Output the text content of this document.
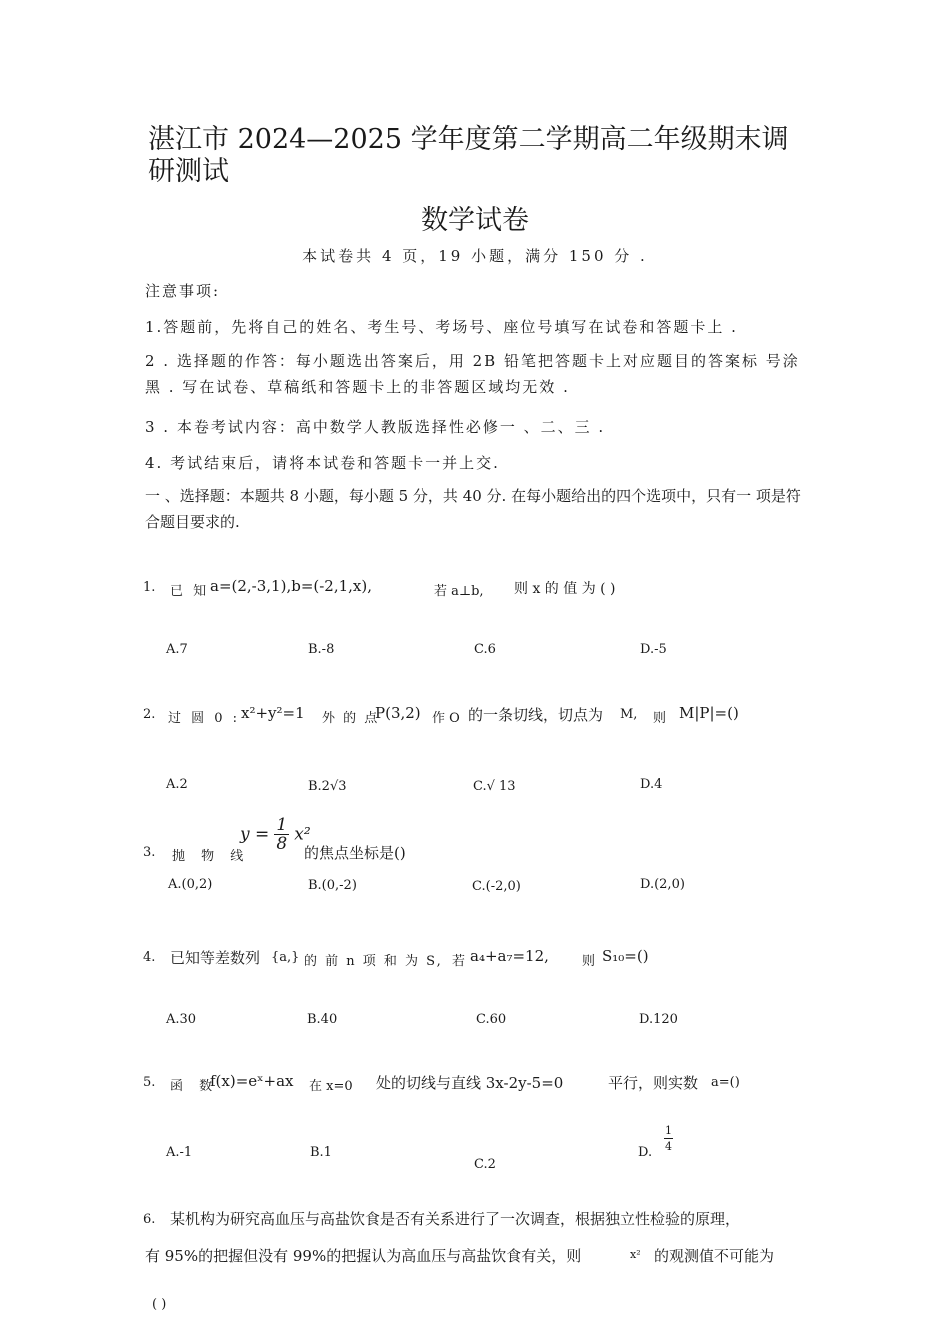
湛江市 2024—2025 学年度第二学期高二年级期末调研测试
数学试卷
本试卷共 4 页，19 小题，满分 150 分 .
注意事项:
1.答题前，先将自己的姓名、考生号、考场号、座位号填写在试卷和答题卡上 .
2 . 选择题的作答：每小题选出答案后，用 2B 铅笔把答题卡上对应题目的答案标 号涂黑 . 写在试卷、草稿纸和答题卡上的非答题区域均无效 .
3 . 本卷考试内容：高中数学人教版选择性必修一 、二、三 .
4. 考试结束后，请将本试卷和答题卡一并上交.
一 、选择题：本题共 8 小题，每小题 5 分，共 40 分. 在每小题给出的四个选项中，只有一 项是符合题目要求的.
1. 已 知 a=(2,-3,1),b=(-2,1,x),	若 a⊥b, 则 x 的 值 为 ( )
A.7	B.-8	C.6	D.-5
2. 过 圆 0 : x²+y²=1 外 的 点
P(3,2) 作 O 的一条切线，切点为 M, 则 M|P|=()
A.2	B.2√3	C.√ 13	D.4
3. 抛 物 线
$y = \frac{1}{8} x^2$
的焦点坐标是()
A.(0,2)	B.(0,-2)	C.(-2,0)	D.(2,0)
4. 已知等差数列 {a,} 的 前 n 项 和 为 S, 若 a₄+a₇=12,	则 S₁₀=()
A.30	B.40	C.60	D.120
5. 函 数
f(x)=eˣ+ax 在 x=0 处的切线与直线 3x-2y-5=0	平行，则实数 a=()
A.-1	B.1
C.2
D. $\frac{1}{4}$
6. 某机构为研究高血压与高盐饮食是否有关系进行了一次调查，根据独立性检验的原理，
有 95%的把握但没有 99%的把握认为高血压与高盐饮食有关，则	x² 的观测值不可能为
( )
